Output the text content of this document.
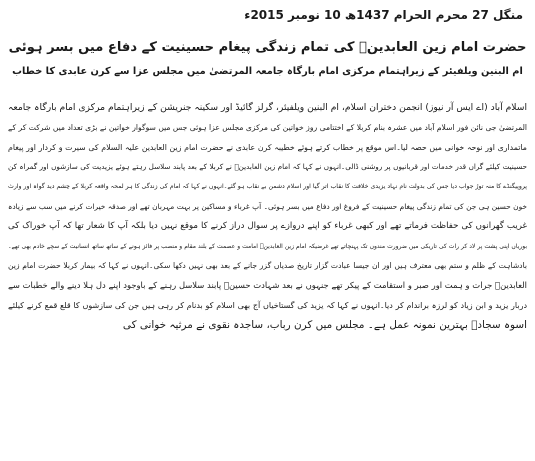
منگل 27 محرم الحرام 1437ھ 10 نومبر 2015ء
حضرت امام زین العابدینؑ کی تمام زندگی پیغام حسینیت کے دفاع میں بسر ہوئی
ام البنین ویلفیئر کے زیراہتمام مرکزی امام بارگاہ جامعہ المرتضیٰ میں مجلس عزا سے کرن عابدی کا خطاب
اسلام آباد (اے ایس آر نیوز) انجمن دختران اسلام، ام البنین ویلفیئر، گرلز گائیڈ اور سکینہ جنریشن کے زیراہتمام مرکزی امام بارگاہ جامعہ
المرتضیٰ جی نائن فور اسلام آباد میں عشرہ بنام کربلا کے اختتامی روز خواتین کی مرکزی مجلس عزا ہوئی جس میں سوگوار خواتین نے بڑی تعداد میں شرکت کر کے
ماتمداری اور نوحہ خوانی میں حصہ لیا۔اس موقع پر خطاب کرتے ہوئے خطیبہ کرن عابدی نے حضرت امام زین العابدین علیہ السلام کی سیرت و کردار اور پیغام
حسینیت کیلئے گراں قدر خدمات اور قربانیوں پر روشنی ڈالی۔انہوں نے کہا کہ امام زین العابدینؑ نے کربلا کے بعد پابند سلاسل رہتے ہوئے یزیدیت کی سازشوں اور گمراہ کن
پروپیگنڈے کا منہ توڑ جواب دیا جس کی بدولت نام نہاد یزیدی خلافت کا نقاب اتر گیا اور اسلام دشمن بے نقاب ہو گئے۔انہوں نے کہا کہ امام کی زندگی کا ہر لمحہ واقعہ کربلا کے چشم دید گواہ اور وارث
خون حسین ہی جن کی تمام زندگی پیغام حسینیت کے فروغ اور دفاع میں بسر ہوئی۔ آپ غرباء و مساکین پر بہت مہربان تھے اور صدقہ خیرات کرنے میں سب سے زیادہ
غریب گھرانوں کی حفاظت فرماتے تھے اور کبھی غرباء کو اپنے دروازے پر سوال دراز کرنے کا موقع نہیں دیا بلکہ آپ کا شعار تھا کہ آپ خوراک کی
بوریاں اپنی پشت پر لاد کر رات کی تاریکی میں ضرورت مندوں تک پہنچاتے تھے غرضیکہ امام زین العابدینؑ امامت و عصمت کے بلند مقام و منصب پر فائز ہونے کے ساتھ ساتھ انسانیت کے سچے خادم بھی تھے۔
بادشاہت کے ظلم و ستم بھی معترف ہیں اور ان جیسا عبادت گزار تاریخ صدیاں گزر جانے کے بعد بھی نہیں دکھا سکی۔انہوں نے کہا کہ بیمار کربلا حضرت امام زین
العابدینؑ جرات و ہمت اور صبر و استقامت کے پیکر تھے جنہوں نے بعد شہادت حسینؑ پابند سلاسل رہنے کے باوجود اپنے دل ہلا دینے والے خطبات سے
دربار یزید و ابن زیاد کو لرزہ براندام کر دیا۔انہوں نے کہا کہ یزید کی گستاخیاں آج بھی اسلام کو بدنام کر رہی ہیں جن کی سازشوں کا قلع قمع کرنے کیلئے
اسوہ سجادؑ بہترین نمونہ عمل ہے۔ مجلس میں کرن رباب، ساجدہ نقوی نے مرثیہ خوانی کی
